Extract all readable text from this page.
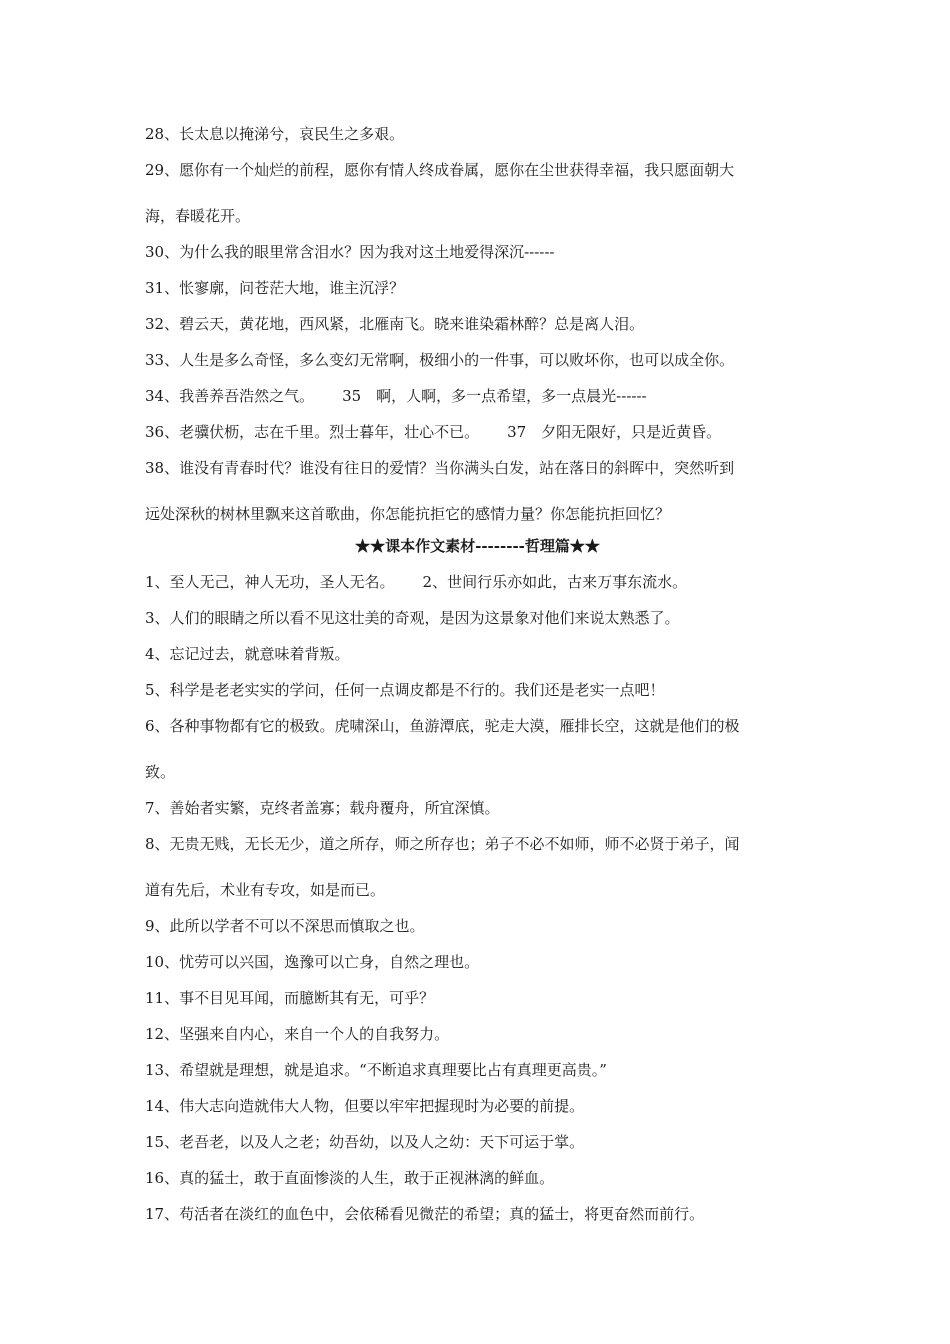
28、长太息以掩涕兮，哀民生之多艰。
29、愿你有一个灿烂的前程，愿你有情人终成眷属，愿你在尘世获得幸福，我只愿面朝大
海，春暖花开。
30、为什么我的眼里常含泪水？因为我对这土地爱得深沉------
31、怅寥廓，问苍茫大地，谁主沉浮？
32、碧云天，黄花地，西风紧，北雁南飞。晓来谁染霜林醉？总是离人泪。
33、人生是多么奇怪，多么变幻无常啊，极细小的一件事，可以败坏你，也可以成全你。
34、我善养吾浩然之气。 35　啊，人啊，多一点希望，多一点晨光------
36、老骥伏枥，志在千里。烈士暮年，壮心不已。 37　夕阳无限好，只是近黄昏。
38、谁没有青春时代？谁没有往日的爱情？当你满头白发，站在落日的斜晖中，突然听到
远处深秋的树林里飘来这首歌曲，你怎能抗拒它的感情力量？你怎能抗拒回忆？
★★课本作文素材--------哲理篇★★
1、至人无己，神人无功，圣人无名。 2、世间行乐亦如此，古来万事东流水。
3、人们的眼睛之所以看不见这壮美的奇观，是因为这景象对他们来说太熟悉了。
4、忘记过去，就意味着背叛。
5、科学是老老实实的学问，任何一点调皮都是不行的。我们还是老实一点吧！
6、各种事物都有它的极致。虎啸深山，鱼游潭底，驼走大漠，雁排长空，这就是他们的极
致。
7、善始者实繁，克终者盖寡；载舟覆舟，所宜深慎。
8、无贵无贱，无长无少，道之所存，师之所存也；弟子不必不如师，师不必贤于弟子，闻
道有先后，术业有专攻，如是而已。
9、此所以学者不可以不深思而慎取之也。
10、忧劳可以兴国，逸豫可以亡身，自然之理也。
11、事不目见耳闻，而臆断其有无，可乎？
12、坚强来自内心，来自一个人的自我努力。
13、希望就是理想，就是追求。“不断追求真理要比占有真理更高贵。”
14、伟大志向造就伟大人物，但要以牢牢把握现时为必要的前提。
15、老吾老，以及人之老；幼吾幼，以及人之幼：天下可运于掌。
16、真的猛士，敢于直面惨淡的人生，敢于正视淋漓的鲜血。
17、苟活者在淡红的血色中，会依稀看见微茫的希望；真的猛士，将更奋然而前行。
